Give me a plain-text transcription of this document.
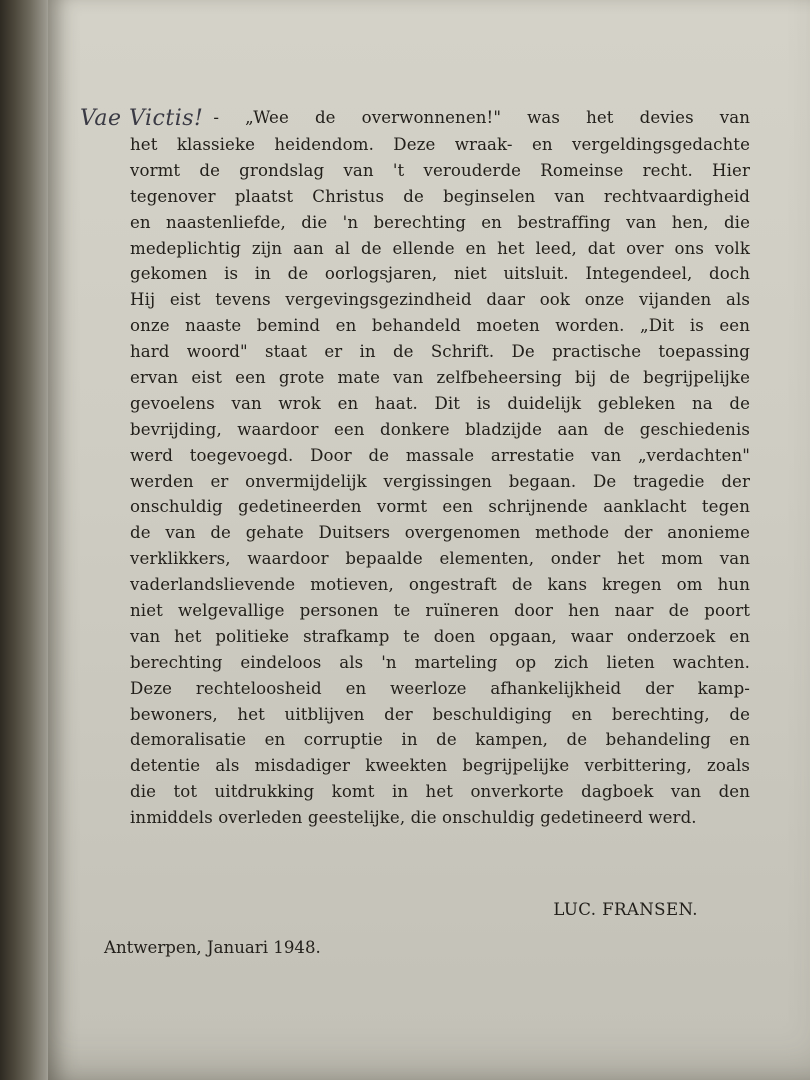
Vae Victis! - „Wee de overwonnenen!" was het devies van
het klassieke heidendom. Deze wraak- en vergeldingsgedachte
vormt de grondslag van 't verouderde Romeinse recht. Hier
tegenover plaatst Christus de beginselen van rechtvaardigheid
en naastenliefde, die 'n berechting en bestraffing van hen, die
medeplichtig zijn aan al de ellende en het leed, dat over ons volk
gekomen is in de oorlogsjaren, niet uitsluit. Integendeel, doch
Hij eist tevens vergevingsgezindheid daar ook onze vijanden als
onze naaste bemind en behandeld moeten worden. „Dit is een
hard woord" staat er in de Schrift. De practische toepassing
ervan eist een grote mate van zelfbeheersing bij de begrijpelijke
gevoelens van wrok en haat. Dit is duidelijk gebleken na de
bevrijding, waardoor een donkere bladzijde aan de geschiedenis
werd toegevoegd. Door de massale arrestatie van „verdachten"
werden er onvermijdelijk vergissingen begaan. De tragedie der
onschuldig gedetineerden vormt een schrijnende aanklacht tegen
de van de gehate Duitsers overgenomen methode der anonieme
verklikkers, waardoor bepaalde elementen, onder het mom van
vaderlandslievende motieven, ongestraft de kans kregen om hun
niet welgevallige personen te ruïneren door hen naar de poort
van het politieke strafkamp te doen opgaan, waar onderzoek en
berechting eindeloos als 'n marteling op zich lieten wachten.
Deze rechteloosheid en weerloze afhankelijkheid der kamp-
bewoners, het uitblijven der beschuldiging en berechting, de
demoralisatie en corruptie in de kampen, de behandeling en
detentie als misdadiger kweekten begrijpelijke verbittering, zoals
die tot uitdrukking komt in het onverkorte dagboek van den
inmiddels overleden geestelijke, die onschuldig gedetineerd werd.
LUC. FRANSEN.
Antwerpen, Januari 1948.
